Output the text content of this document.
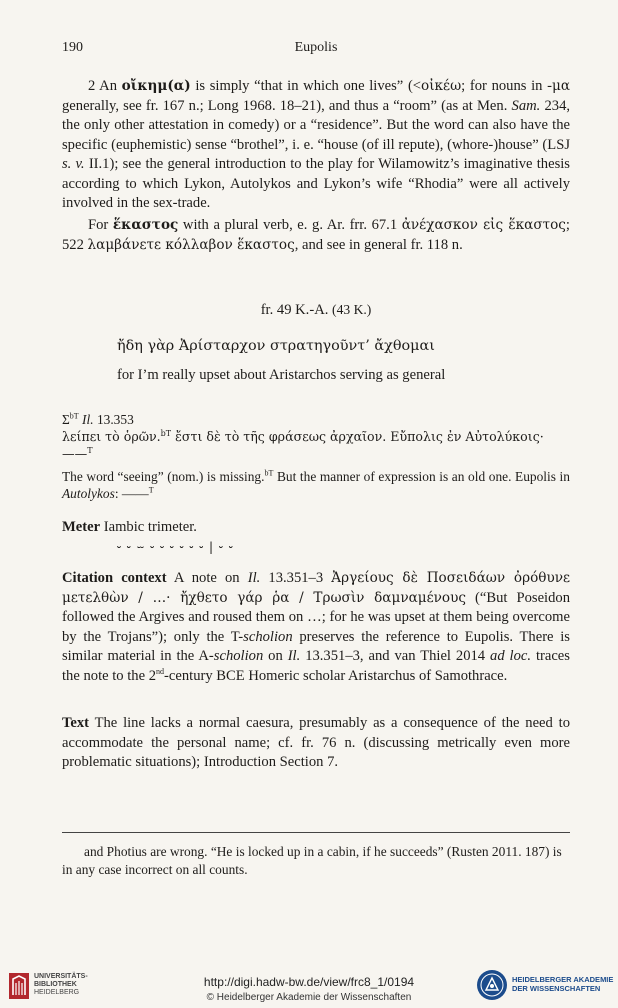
190	Eupolis

2 An οἴκημ(α) is simply “that in which one lives” (<οἰκέω; for nouns in -μα generally, see fr. 167 n.; Long 1968. 18–21), and thus a “room” (as at Men. Sam. 234, the only other attestation in comedy) or a “residence”. But the word can also have the specific (euphemistic) sense “brothel”, i. e. “house (of ill repute), (whore-)house” (LSJ s. v. II.1); see the general introduction to the play for Wilamowitz’s imaginative thesis according to which Lykon, Autolykos and Lykon’s wife “Rhodia” were all actively involved in the sex-trade.

For ἕκαστος with a plural verb, e. g. Ar. frr. 67.1 ἀνέχασκον εἰς ἕκαστος; 522 λαμβάνετε κόλλαβον ἕκαστος, and see in general fr. 118 n.

fr. 49 K.-A. (43 K.)
ἤδη γὰρ Ἀρίσταρχον στρατηγοῦντ’ ἄχθομαι
for I’m really upset about Aristarchos serving as general
$\Sigma^{bT}$ Il. 13.353
λείπει τὸ ὁρῶν.$^{bT}$ ἔστι δὲ τὸ τῆς φράσεως ἀρχαῖον. Εὔπολις ἐν Αὐτολύκοις· ——$^T$

The word “seeing” (nom.) is missing.$^{bT}$ But the manner of expression is an old one. Eupolis in Autolykos: ——$^T$

Meter Iambic trimeter.
⏑ ⏑ ⏖ ⏑ ⏑ ⏑ ⏑ ⏑ ⏑ | ⏑ ⏑

Citation context A note on Il. 13.351–3 Ἀργείους δὲ Ποσειδάων ὀρόθυνε μετελθὼν / …· ἤχθετο γάρ ῥα / Τρωσὶν δαμναμένους (“But Poseidon followed the Argives and roused them on …; for he was upset at them being overcome by the Trojans”); only the T-scholion preserves the reference to Eupolis. There is similar material in the A-scholion on Il. 13.351–3, and van Thiel 2014 ad loc. traces the note to the 2nd-century BCE Homeric scholar Aristarchus of Samothrace.

Text The line lacks a normal caesura, presumably as a consequence of the need to accommodate the personal name; cf. fr. 76 n. (discussing metrically even more problematic situations); Introduction Section 7.

and Photius are wrong. “He is locked up in a cabin, if he succeeds” (Rusten 2011. 187) is in any case incorrect on all counts.
UNIVERSITÄTS-
BIBLIOTHEK
HEIDELBERG
http://digi.hadw-bw.de/view/frc8_1/0194
© Heidelberger Akademie der Wissenschaften
HEIDELBERGER AKADEMIE
DER WISSENSCHAFTEN
